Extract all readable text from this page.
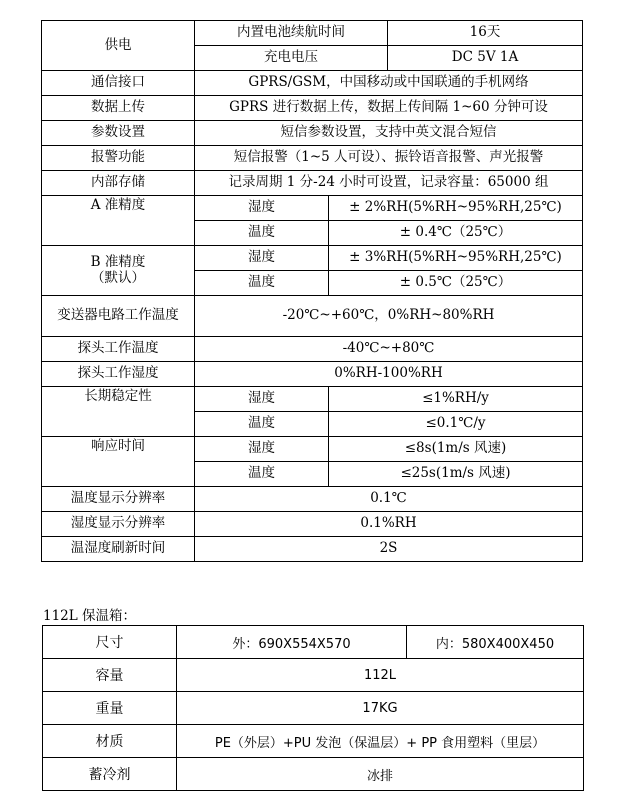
供电	内置电池续航时间		16天
	充电电压		DC 5V 1A
通信接口	GPRS/GSM，中国移动或中国联通的手机网络		
数据上传	GPRS 进行数据上传，数据上传间隔 1~60 分钟可设		
参数设置	短信参数设置，支持中英文混合短信		
报警功能	短信报警（1~5 人可设）、振铃语音报警、声光报警		
内部存储	记录周期 1 分-24 小时可设置，记录容量：65000 组		
A 准精度	湿度	± 2%RH(5%RH~95%RH,25℃)	
	温度	± 0.4℃（25℃）	

B 准精度
（默认）	湿度	± 3%RH(5%RH~95%RH,25℃)	
	温度	± 0.5℃（25℃）	
变送器电路工作温度	-20℃~+60℃，0%RH~80%RH		
探头工作温度	-40℃~+80℃		
探头工作湿度	0%RH-100%RH		
长期稳定性	湿度	≤1%RH/y	
	温度	≤0.1℃/y	
响应时间	湿度	≤8s(1m/s 风速)	
	温度	≤25s(1m/s 风速)	
温度显示分辨率	0.1℃		
湿度显示分辨率	0.1%RH		
温湿度刷新时间	2S		
112L 保温箱：
尺寸	外：690X554X570	内：580X400X450
容量	112L	
重量	17KG	
材质	PE（外层）+PU 发泡（保温层）+ PP 食用塑料（里层）	
蓄冷剂	冰排	
